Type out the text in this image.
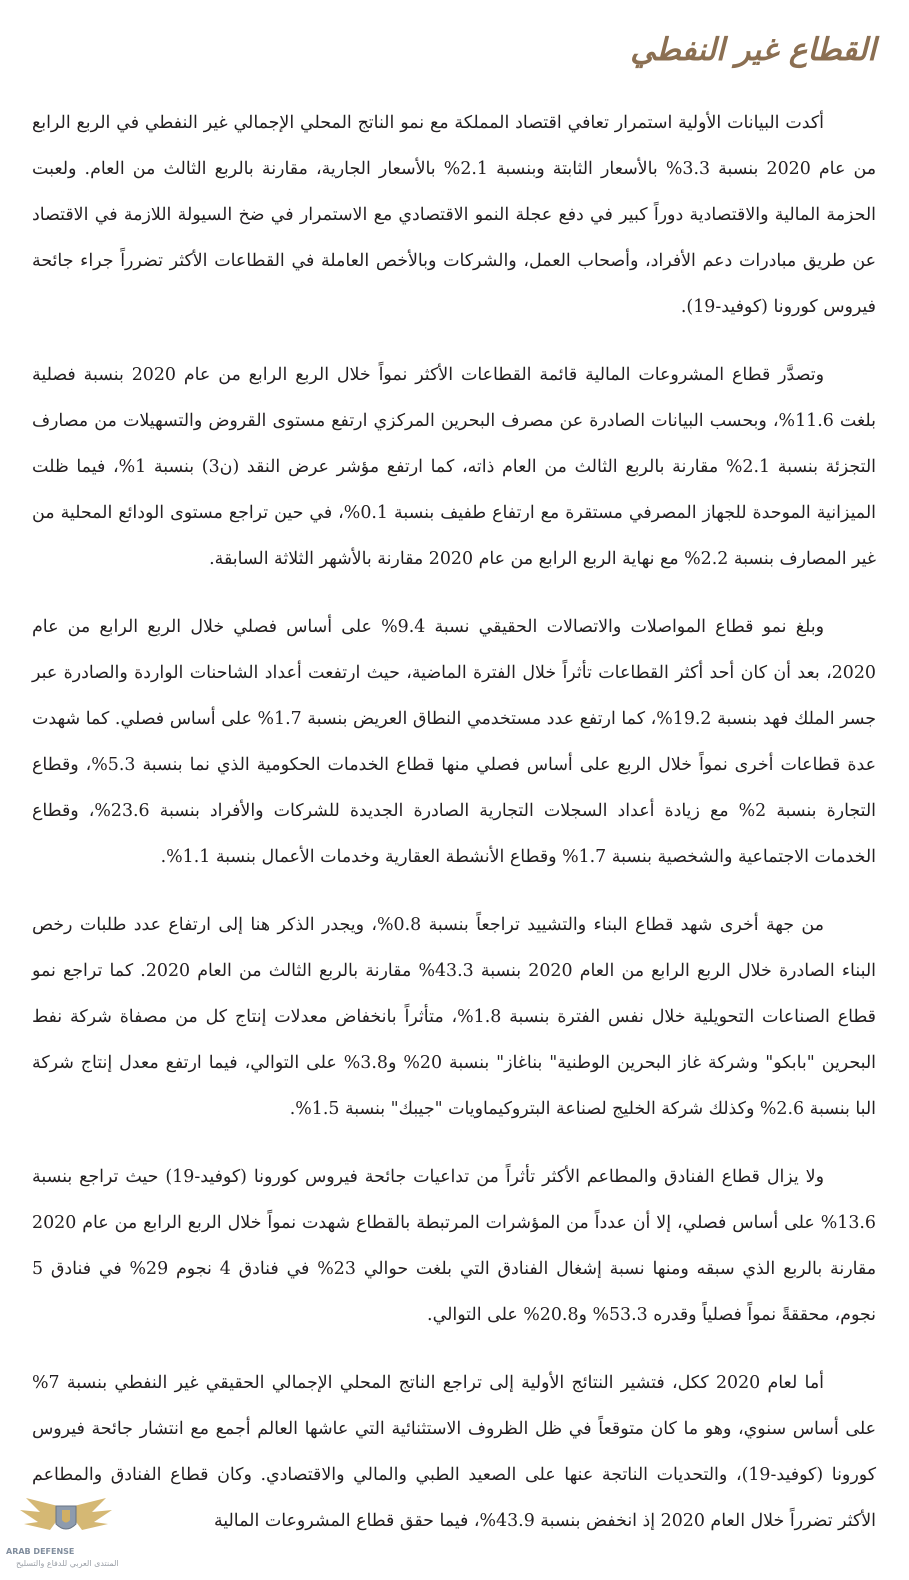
القطاع غير النفطي

أكدت البيانات الأولية استمرار تعافي اقتصاد المملكة مع نمو الناتج المحلي الإجمالي غير النفطي في الربع الرابع من عام 2020 بنسبة 3.3% بالأسعار الثابتة وبنسبة 2.1% بالأسعار الجارية، مقارنة بالربع الثالث من العام. ولعبت الحزمة المالية والاقتصادية دوراً كبير في دفع عجلة النمو الاقتصادي مع الاستمرار في ضخ السيولة اللازمة في الاقتصاد عن طريق مبادرات دعم الأفراد، وأصحاب العمل، والشركات وبالأخص العاملة في القطاعات الأكثر تضرراً جراء جائحة فيروس كورونا (كوفيد-19).

وتصدَّر قطاع المشروعات المالية قائمة القطاعات الأكثر نمواً خلال الربع الرابع من عام 2020 بنسبة فصلية بلغت 11.6%، وبحسب البيانات الصادرة عن مصرف البحرين المركزي ارتفع مستوى القروض والتسهيلات من مصارف التجزئة بنسبة 2.1% مقارنة بالربع الثالث من العام ذاته، كما ارتفع مؤشر عرض النقد (ن3) بنسبة 1%، فيما ظلت الميزانية الموحدة للجهاز المصرفي مستقرة مع ارتفاع طفيف بنسبة 0.1%، في حين تراجع مستوى الودائع المحلية من غير المصارف بنسبة 2.2% مع نهاية الربع الرابع من عام 2020 مقارنة بالأشهر الثلاثة السابقة.

وبلغ نمو قطاع المواصلات والاتصالات الحقيقي نسبة 9.4% على أساس فصلي خلال الربع الرابع من عام 2020، بعد أن كان أحد أكثر القطاعات تأثراً خلال الفترة الماضية، حيث ارتفعت أعداد الشاحنات الواردة والصادرة عبر جسر الملك فهد بنسبة 19.2%، كما ارتفع عدد مستخدمي النطاق العريض بنسبة 1.7% على أساس فصلي. كما شهدت عدة قطاعات أخرى نمواً خلال الربع على أساس فصلي منها قطاع الخدمات الحكومية الذي نما بنسبة 5.3%، وقطاع التجارة بنسبة 2% مع زيادة أعداد السجلات التجارية الصادرة الجديدة للشركات والأفراد بنسبة 23.6%، وقطاع الخدمات الاجتماعية والشخصية بنسبة 1.7% وقطاع الأنشطة العقارية وخدمات الأعمال بنسبة 1.1%.

من جهة أخرى شهد قطاع البناء والتشييد تراجعاً بنسبة 0.8%، ويجدر الذكر هنا إلى ارتفاع عدد طلبات رخص البناء الصادرة خلال الربع الرابع من العام 2020 بنسبة 43.3% مقارنة بالربع الثالث من العام 2020. كما تراجع نمو قطاع الصناعات التحويلية خلال نفس الفترة بنسبة 1.8%، متأثراً بانخفاض معدلات إنتاج كل من مصفاة شركة نفط البحرين "بابكو" وشركة غاز البحرين الوطنية" بناغاز" بنسبة 20% و3.8% على التوالي، فيما ارتفع معدل إنتاج شركة البا بنسبة 2.6% وكذلك شركة الخليج لصناعة البتروكيماويات "جيبك" بنسبة 1.5%.

ولا يزال قطاع الفنادق والمطاعم الأكثر تأثراً من تداعيات جائحة فيروس كورونا (كوفيد-19) حيث تراجع بنسبة 13.6% على أساس فصلي، إلا أن عدداً من المؤشرات المرتبطة بالقطاع شهدت نمواً خلال الربع الرابع من عام 2020 مقارنة بالربع الذي سبقه ومنها نسبة إشغال الفنادق التي بلغت حوالي 23% في فنادق 4 نجوم 29% في فنادق 5 نجوم، محققةً نمواً فصلياً وقدره 53.3% و20.8% على التوالي.

أما لعام 2020 ككل، فتشير النتائج الأولية إلى تراجع الناتج المحلي الإجمالي الحقيقي غير النفطي بنسبة 7% على أساس سنوي، وهو ما كان متوقعاً في ظل الظروف الاستثنائية التي عاشها العالم أجمع مع انتشار جائحة فيروس كورونا (كوفيد-19)، والتحديات الناتجة عنها على الصعيد الطبي والمالي والاقتصادي. وكان قطاع الفنادق والمطاعم الأكثر تضرراً خلال العام 2020 إذ انخفض بنسبة 43.9%، فيما حقق قطاع المشروعات المالية

ARAB DEFENSE
المنتدى العربي للدفاع والتسليح
